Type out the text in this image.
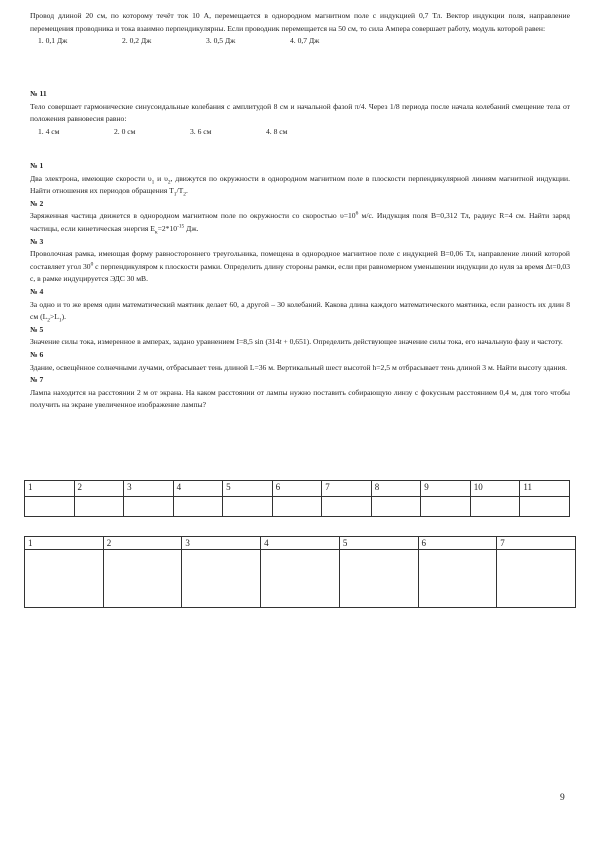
Провод длиной 20 см, по которому течёт ток 10 А, перемещается в однородном магнитном поле с индукцией 0,7 Тл. Вектор индукции поля, направление перемещения проводника и тока взаимно перпендикулярны. Если проводник перемещается на 50 см, то сила Ампера совершает работу, модуль которой равен:

1. 0,1 Дж	2. 0,2 Дж	3. 0,5 Дж	4. 0,7 Дж

№ 11

Тело совершает гармонические синусоидальные колебания с амплитудой 8 см и начальной фазой π/4. Через 1/8 периода после начала колебаний смещение тела от положения равновесия равно:

1. 4 см	2. 0 см	3. 6 см	4. 8 см

№ 1

Два электрона, имеющие скорости $\upsilon_1$ и $\upsilon_2$, движутся по окружности в однородном магнитном поле в плоскости перпендикулярной линиям магнитной индукции. Найти отношения их периодов обращения $T_1/T_2$.

№ 2

Заряженная частица движется в однородном магнитном поле по окружности со скоростью $\upsilon=10^6$ м/с. Индукция поля B=0,312 Тл, радиус R=4 см. Найти заряд частицы, если кинетическая энергия $E_к=2*10^{-15}$ Дж.

№ 3

Проволочная рамка, имеющая форму равностороннего треугольника, помещена в однородное магнитное поле с индукцией B=0,06 Тл, направление линий которой составляет угол $30^0$ с перпендикуляром к плоскости рамки. Определить длину стороны рамки, если при равномерном уменьшении индукции до нуля за время Δt=0,03 с, в рамке индуцируется ЭДС 30 мВ.

№ 4

За одно и то же время один математический маятник делает 60, а другой – 30 колебаний. Какова длина каждого математического маятника, если разность их длин 8 см $(L_2>L_1)$.

№ 5

Значение силы тока, измеренное в амперах, задано уравнением I=8,5 sin (314t + 0,651). Определить действующее значение силы тока, его начальную фазу и частоту.

№ 6

Здание, освещённое солнечными лучами, отбрасывает тень длиной L=36 м. Вертикальный шест высотой h=2,5 м отбрасывает тень длиной 3 м. Найти высоту здания.

№ 7

Лампа находится на расстоянии 2 м от экрана. На каком расстоянии от лампы нужно поставить собирающую линзу с фокусным расстоянием 0,4 м, для того чтобы получить на экране увеличенное изображение лампы?

1	2	3	4	5	6	7	8	9	10	11

1	2	3	4	5	6	7

9
